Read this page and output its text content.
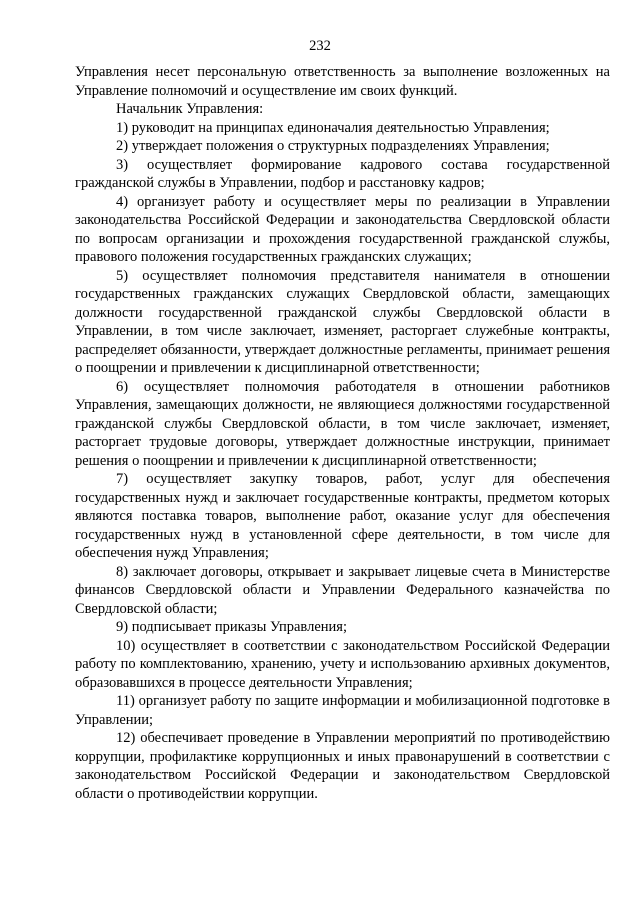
232

Управления несет персональную ответственность за выполнение возложенных на Управление полномочий и осуществление им своих функций.

Начальник Управления:

1) руководит на принципах единоначалия деятельностью Управления;

2) утверждает положения о структурных подразделениях Управления;

3) осуществляет формирование кадрового состава государственной гражданской службы в Управлении, подбор и расстановку кадров;

4) организует работу и осуществляет меры по реализации в Управлении законодательства Российской Федерации и законодательства Свердловской области по вопросам организации и прохождения государственной гражданской службы, правового положения государственных гражданских служащих;

5) осуществляет полномочия представителя нанимателя в отношении государственных гражданских служащих Свердловской области, замещающих должности государственной гражданской службы Свердловской области в Управлении, в том числе заключает, изменяет, расторгает служебные контракты, распределяет обязанности, утверждает должностные регламенты, принимает решения о поощрении и привлечении к дисциплинарной ответственности;

6) осуществляет полномочия работодателя в отношении работников Управления, замещающих должности, не являющиеся должностями государственной гражданской службы Свердловской области, в том числе заключает, изменяет, расторгает трудовые договоры, утверждает должностные инструкции, принимает решения о поощрении и привлечении к дисциплинарной ответственности;

7) осуществляет закупку товаров, работ, услуг для обеспечения государственных нужд и заключает государственные контракты, предметом которых являются поставка товаров, выполнение работ, оказание услуг для обеспечения государственных нужд в установленной сфере деятельности, в том числе для обеспечения нужд Управления;

8) заключает договоры, открывает и закрывает лицевые счета в Министерстве финансов Свердловской области и Управлении Федерального казначейства по Свердловской области;

9) подписывает приказы Управления;

10) осуществляет в соответствии с законодательством Российской Федерации работу по комплектованию, хранению, учету и использованию архивных документов, образовавшихся в процессе деятельности Управления;

11) организует работу по защите информации и мобилизационной подготовке в Управлении;

12) обеспечивает проведение в Управлении мероприятий по противодействию коррупции, профилактике коррупционных и иных правонарушений в соответствии с законодательством Российской Федерации и законодательством Свердловской области о противодействии коррупции.
